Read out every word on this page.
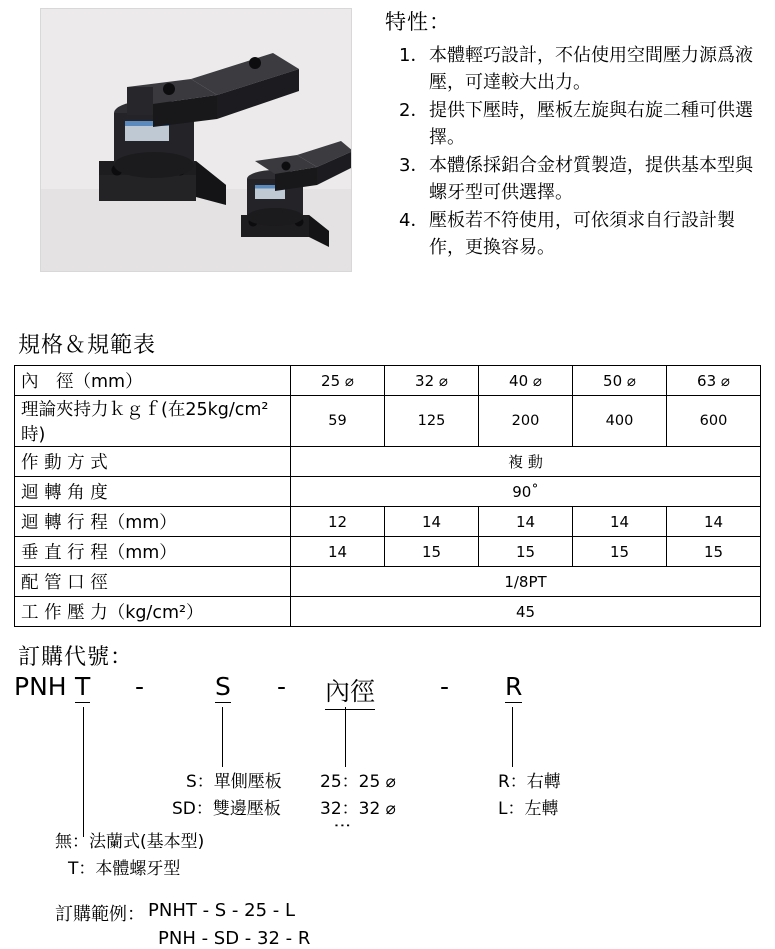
特性：
1． 本體輕巧設計，不佔使用空間壓力源爲液壓，可達較大出力。
2． 提供下壓時，壓板左旋與右旋二種可供選擇。
3． 本體係採鋁合金材質製造，提供基本型與螺牙型可供選擇。
4． 壓板若不符使用，可依須求自行設計製作，更換容易。
規格＆規範表
內　徑（mm）	25 ⌀	32 ⌀	40 ⌀	50 ⌀	63 ⌀
理論夾持力ｋｇｆ(在25kg/cm²時)	59	125	200	400	600
作 動 方 式	複 動				
迴 轉 角 度	90˚				
迴 轉 行 程（mm）	12	14	14	14	14
垂 直 行 程（mm）	14	15	15	15	15
配 管 口 徑	1/8PT				
工 作 壓 力（kg/cm²）	45				
訂購代號：
PNH T -	S - 內徑	- R
S：單側壓板
SD：雙邊壓板
25：25 ⌀
32：32 ⌀
⋮
R：右轉
L：左轉
無：法蘭式(基本型)
T：本體螺牙型
訂購範例： PNHT - S - 25 - L
PNH - SD - 32 - R
